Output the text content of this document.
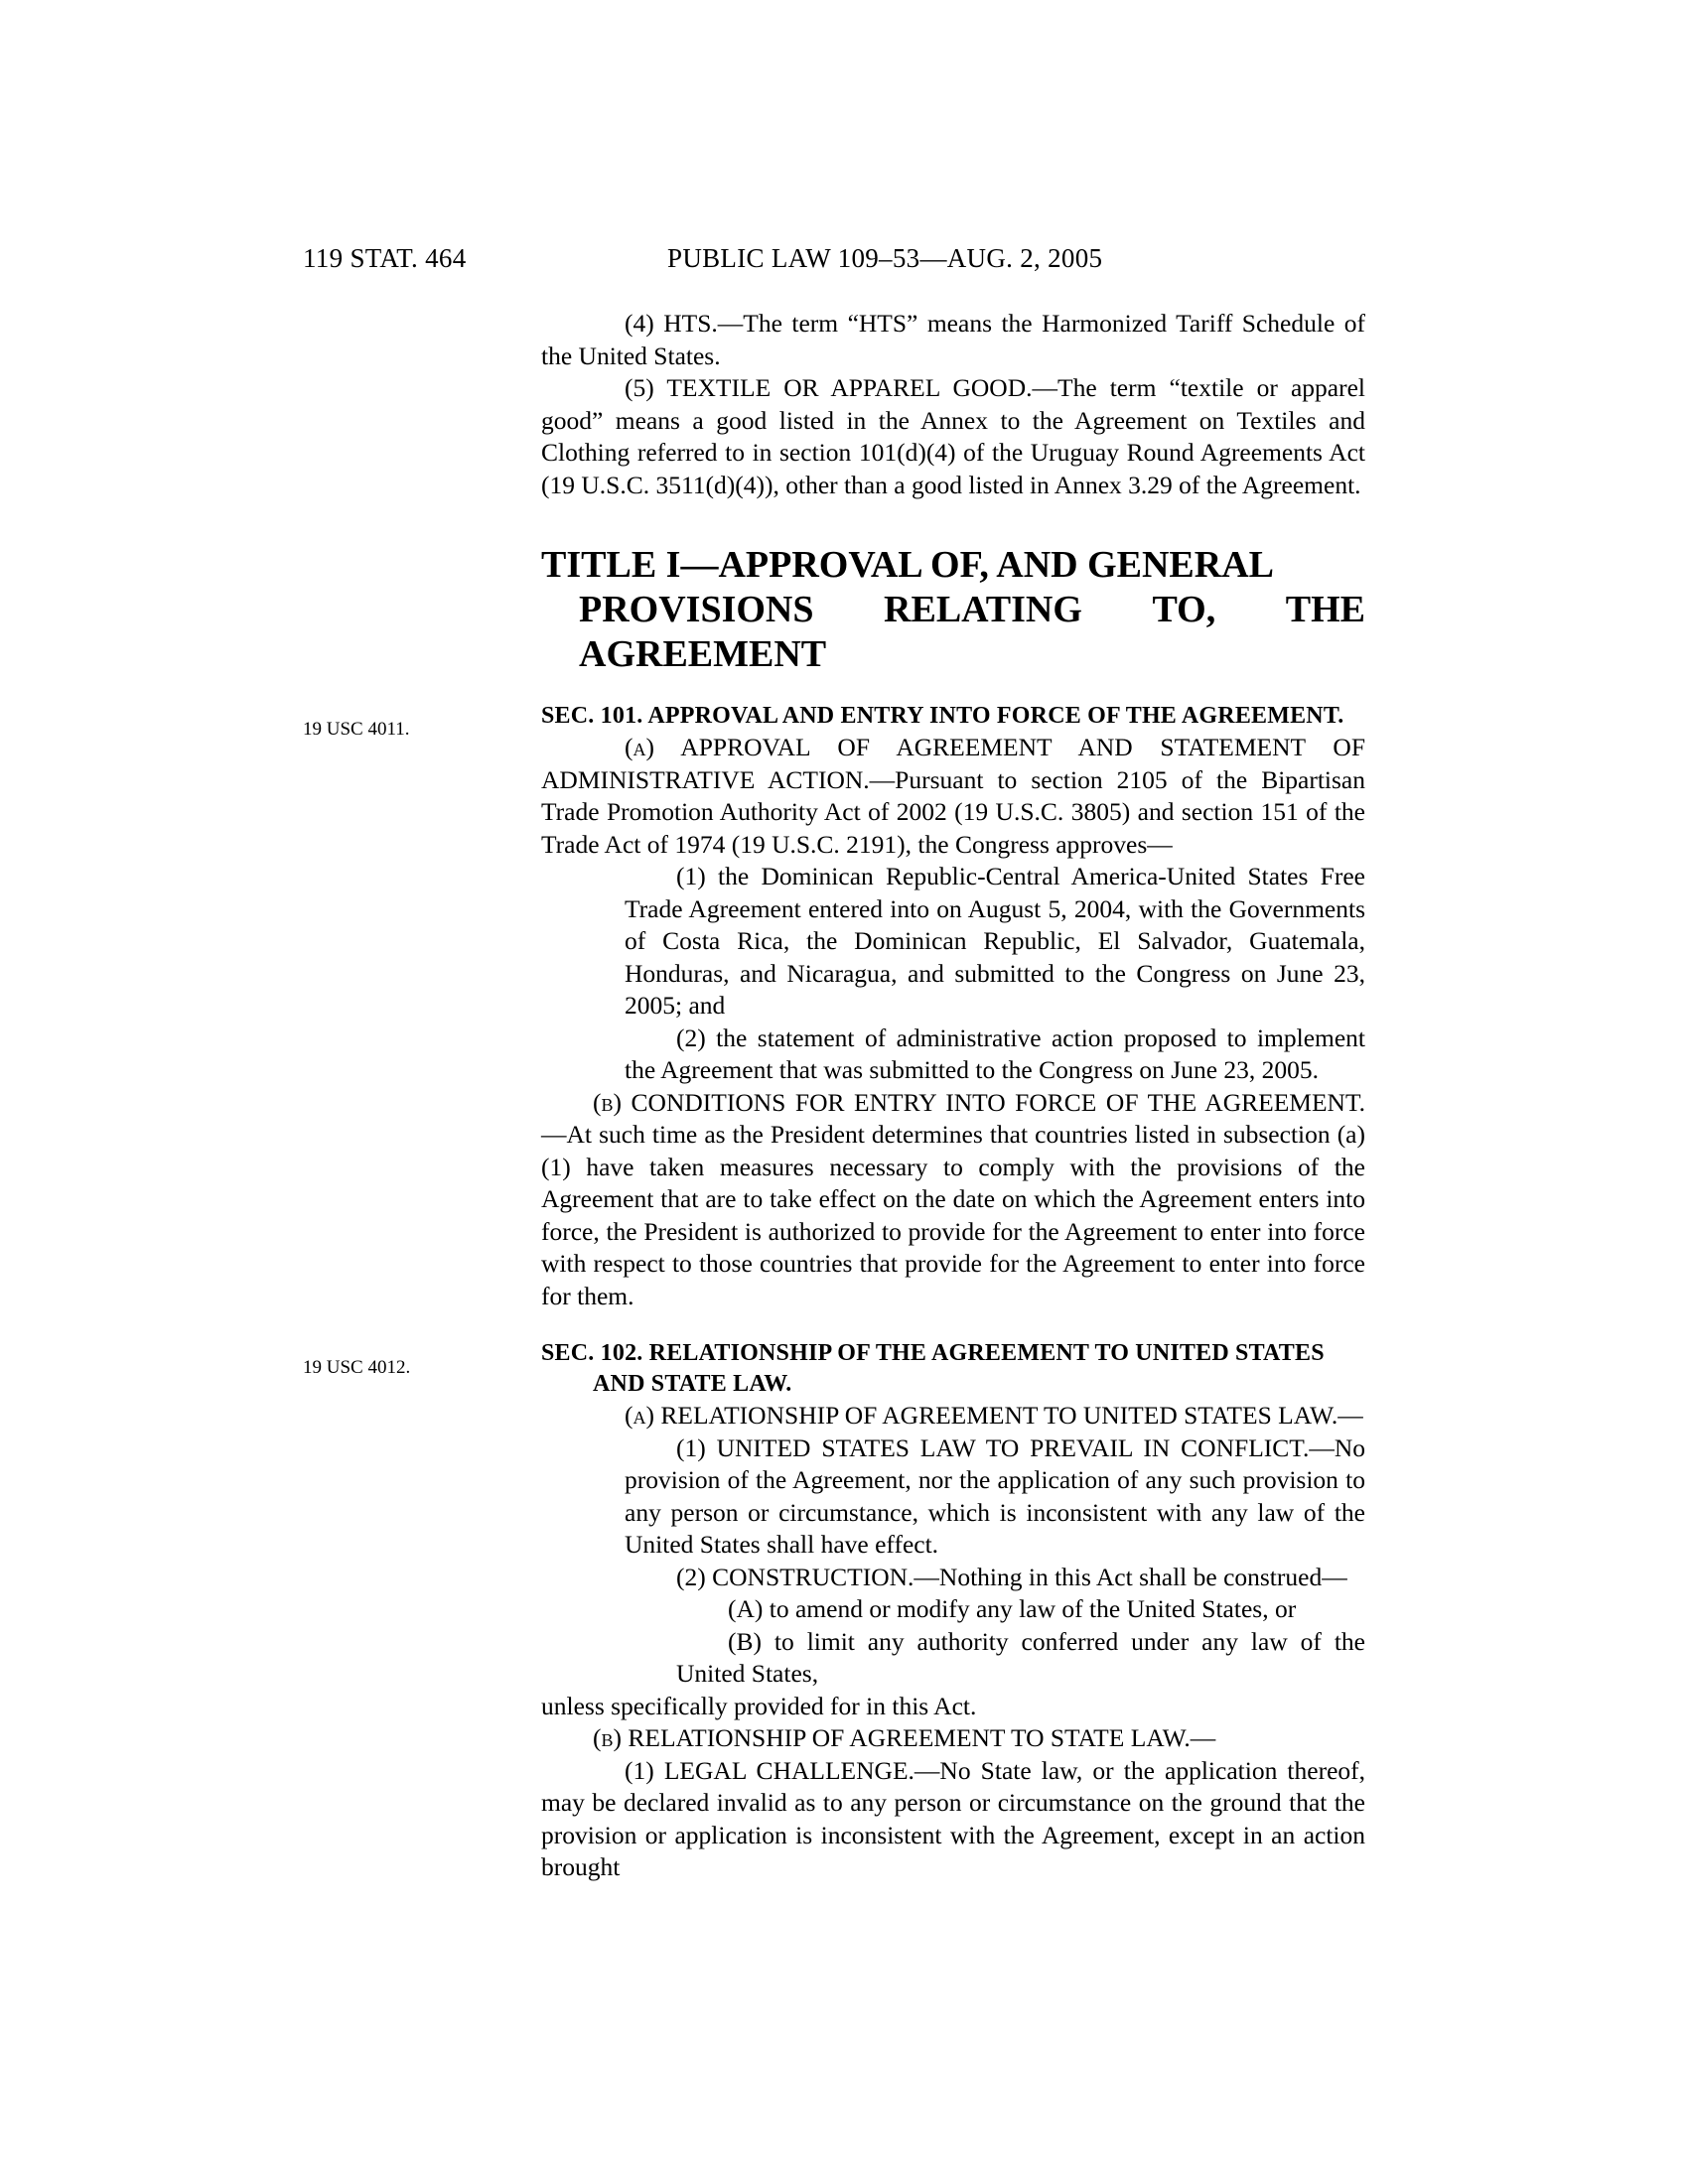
119 STAT. 464	PUBLIC LAW 109–53—AUG. 2, 2005
19 USC 4011.
19 USC 4012.
(4) HTS.—The term “HTS” means the Harmonized Tariff Schedule of the United States.
(5) TEXTILE OR APPAREL GOOD.—The term “textile or apparel good” means a good listed in the Annex to the Agreement on Textiles and Clothing referred to in section 101(d)(4) of the Uruguay Round Agreements Act (19 U.S.C. 3511(d)(4)), other than a good listed in Annex 3.29 of the Agreement.
TITLE I—APPROVAL OF, AND GENERAL
PROVISIONS RELATING TO, THE
AGREEMENT
SEC. 101. APPROVAL AND ENTRY INTO FORCE OF THE AGREEMENT.

(a) APPROVAL OF AGREEMENT AND STATEMENT OF ADMINISTRATIVE ACTION.—Pursuant to section 2105 of the Bipartisan Trade Promotion Authority Act of 2002 (19 U.S.C. 3805) and section 151 of the Trade Act of 1974 (19 U.S.C. 2191), the Congress approves—

(1) the Dominican Republic-Central America-United States Free Trade Agreement entered into on August 5, 2004, with the Governments of Costa Rica, the Dominican Republic, El Salvador, Guatemala, Honduras, and Nicaragua, and submitted to the Congress on June 23, 2005; and
(2) the statement of administrative action proposed to implement the Agreement that was submitted to the Congress on June 23, 2005.

(b) CONDITIONS FOR ENTRY INTO FORCE OF THE AGREEMENT.—At such time as the President determines that countries listed in subsection (a)(1) have taken measures necessary to comply with the provisions of the Agreement that are to take effect on the date on which the Agreement enters into force, the President is authorized to provide for the Agreement to enter into force with respect to those countries that provide for the Agreement to enter into force for them.

SEC. 102. RELATIONSHIP OF THE AGREEMENT TO UNITED STATES
AND STATE LAW.

(a) RELATIONSHIP OF AGREEMENT TO UNITED STATES LAW.—

(1) UNITED STATES LAW TO PREVAIL IN CONFLICT.—No provision of the Agreement, nor the application of any such provision to any person or circumstance, which is inconsistent with any law of the United States shall have effect.
(2) CONSTRUCTION.—Nothing in this Act shall be construed—
(A) to amend or modify any law of the United States, or
(B) to limit any authority conferred under any law of the United States,

unless specifically provided for in this Act.

(b) RELATIONSHIP OF AGREEMENT TO STATE LAW.—

(1) LEGAL CHALLENGE.—No State law, or the application thereof, may be declared invalid as to any person or circumstance on the ground that the provision or application is inconsistent with the Agreement, except in an action brought
